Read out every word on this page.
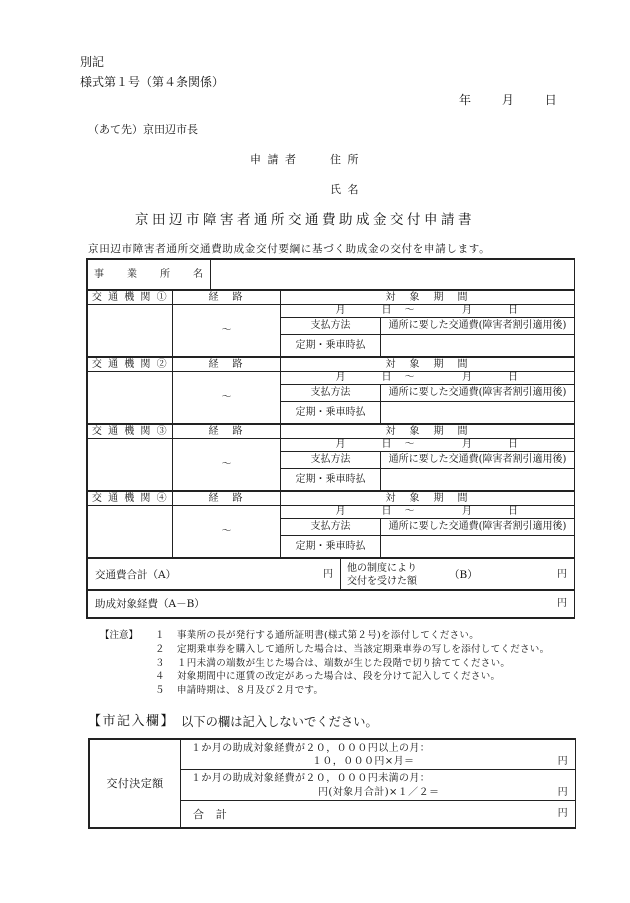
別記
様式第１号（第４条関係）
年　　月　　日
（あて先）京田辺市長
申 請 者	住 所
氏 名
京田辺市障害者通所交通費助成金交付申請書
京田辺市障害者通所交通費助成金交付要綱に基づく助成金の交付を申請します。
事　　業　　所　　名	
交 通 機 関 ①	経　路	対　象　期　間	
	～	月　　　日　～　　　　月　　　日	
		支払方法	通所に要した交通費(障害者割引適用後)
		定期・乗車時払	
交 通 機 関 ②	経　路	対　象　期　間	
	～	月　　　日　～　　　　月　　　日	
		支払方法	通所に要した交通費(障害者割引適用後)
		定期・乗車時払	
交 通 機 関 ③	経　路	対　象　期　間	
	～	月　　　日　～　　　　月　　　日	
		支払方法	通所に要した交通費(障害者割引適用後)
		定期・乗車時払	
交 通 機 関 ④	経　路	対　象　期　間	
	～	月　　　日　～　　　　月　　　日	
		支払方法	通所に要した交通費(障害者割引適用後)
		定期・乗車時払	
交通費合計（A）	円

他の制度により
交付を受けた額
（B）	円
助成対象経費（A－B）	円
【注意】 １ 事業所の長が発行する通所証明書(様式第２号)を添付してください。
２ 定期乗車券を購入して通所した場合は、当該定期乗車券の写しを添付してください。
３ １円未満の端数が生じた場合は、端数が生じた段階で切り捨ててください。
４ 対象期間中に運賃の改定があった場合は、段を分けて記入してください。
５ 申請時期は、８月及び２月です。
【市記入欄】 以下の欄は記入しないでください。
交付決定額	
１か月の助成対象経費が２０，０００円以上の月：
１０，０００円×月＝	円

１か月の助成対象経費が２０，０００円未満の月：
円(対象月合計)×１／２＝	円

合　計	円
